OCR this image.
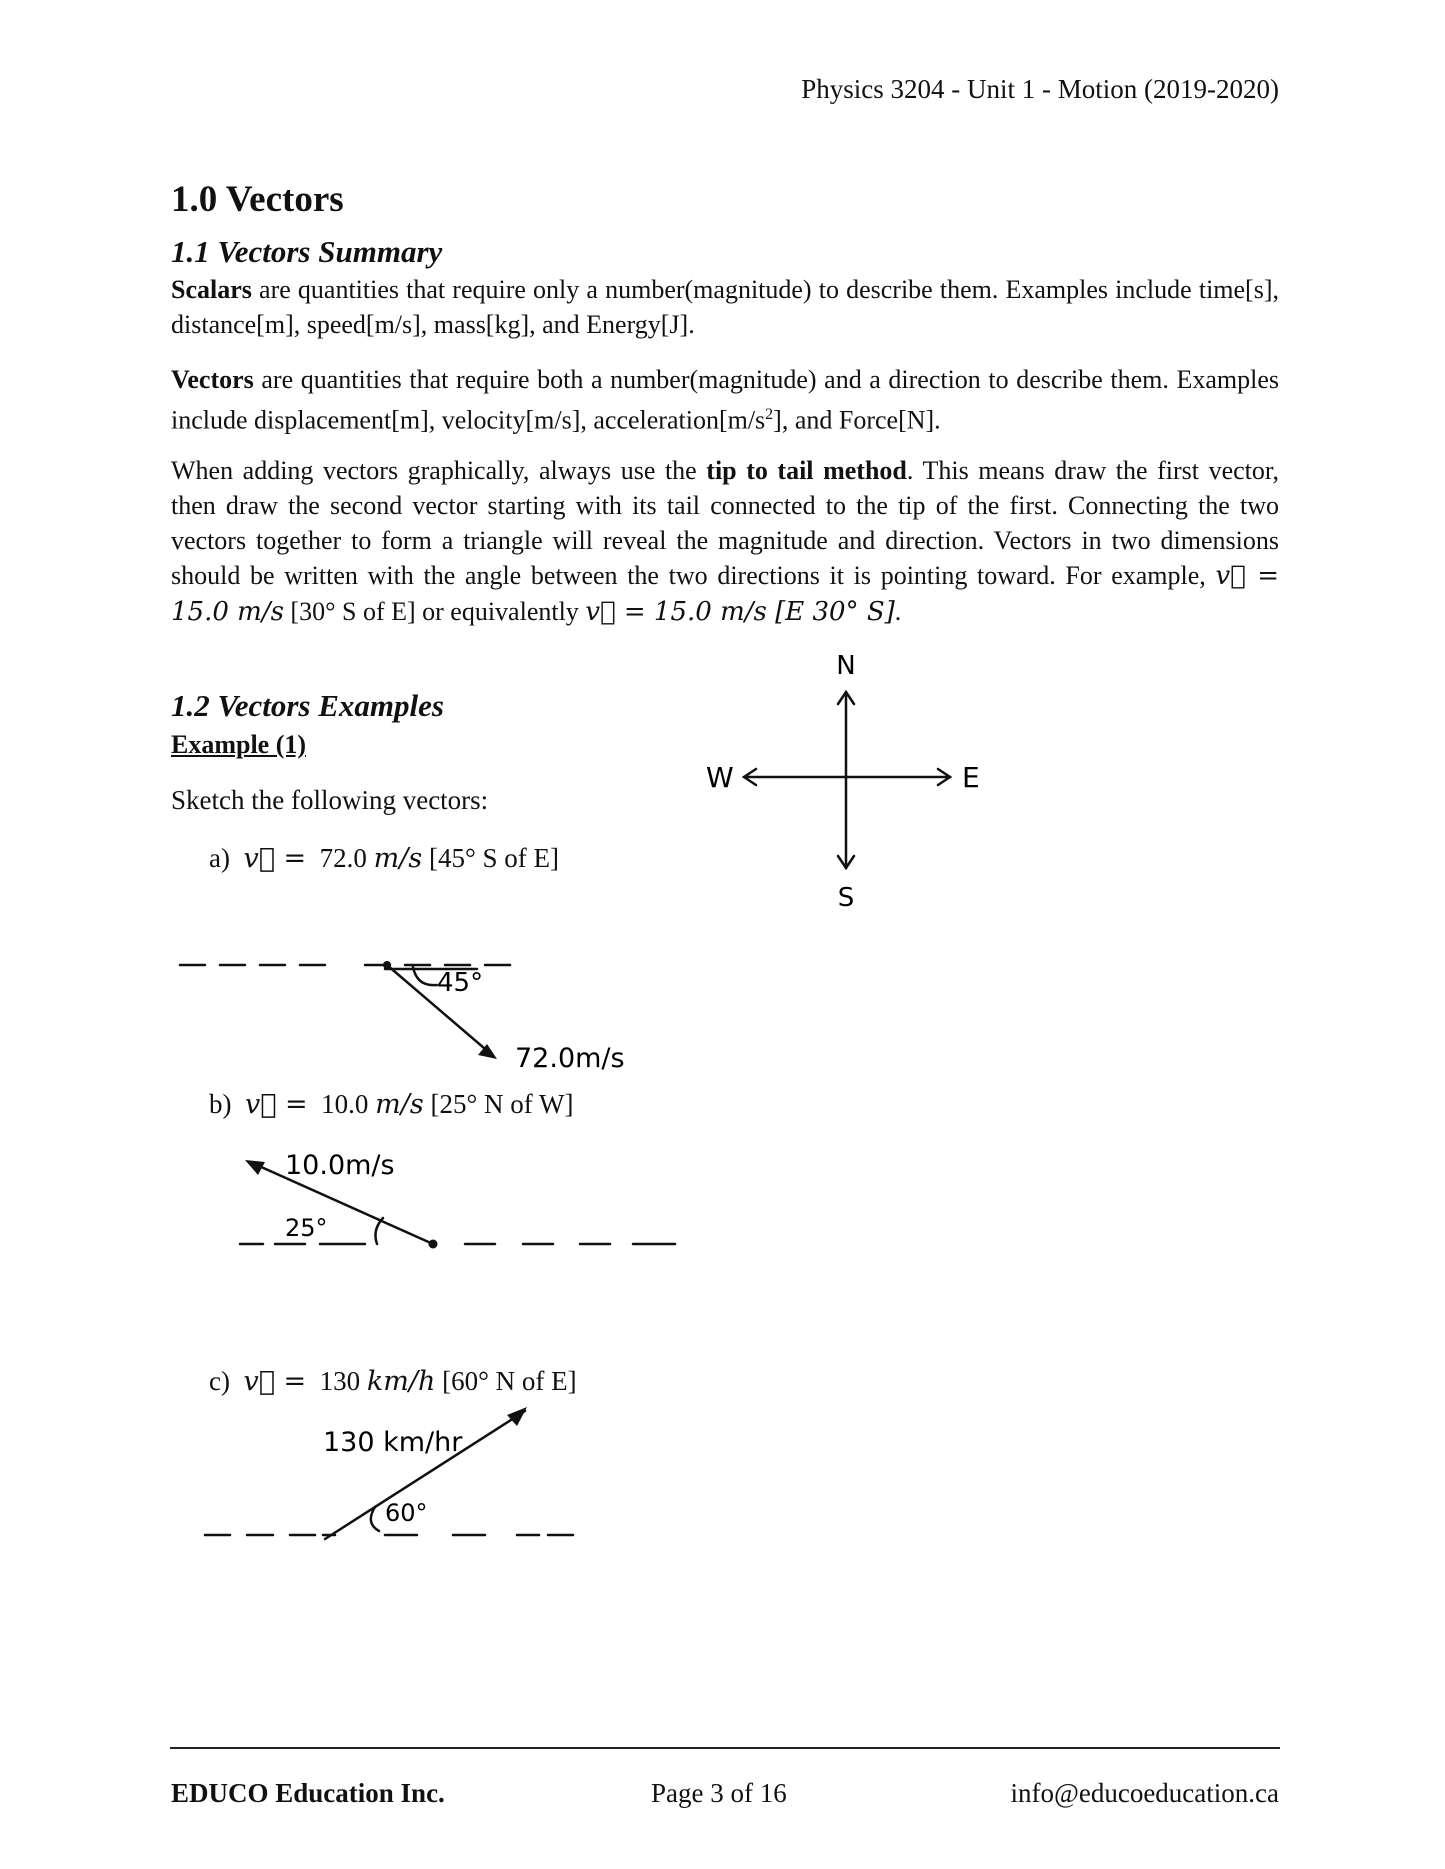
Physics 3204 - Unit 1 - Motion (2019-2020)
1.0 Vectors
1.1 Vectors Summary
Scalars are quantities that require only a number(magnitude) to describe them. Examples include time[s], distance[m], speed[m/s], mass[kg], and Energy[J].
Vectors are quantities that require both a number(magnitude) and a direction to describe them. Examples include displacement[m], velocity[m/s], $acceleration[m/s^2]$, and Force[N].
When adding vectors graphically, always use the tip to tail method. This means draw the first vector, then draw the second vector starting with its tail connected to the tip of the first. Connecting the two vectors together to form a triangle will reveal the magnitude and direction. Vectors in two dimensions should be written with the angle between the two directions it is pointing toward. For example, v⃗ = 15.0 m/s [30° S of E] or equivalently v⃗ = 15.0 m/s [E 30° S].
1.2 Vectors Examples
Example (1)
Sketch the following vectors:
a) v⃗ = 72.0 m/s [45° S of E]
b) v⃗ = 10.0 m/s [25° N of W]
c) v⃗ = 130 km/h [60° N of E]
N
S
E
W
45°
72.0m/s
10.0m/s
25°
130 km/hr
60°
EDUCO Education Inc.	Page 3 of 16	info@educoeducation.ca
